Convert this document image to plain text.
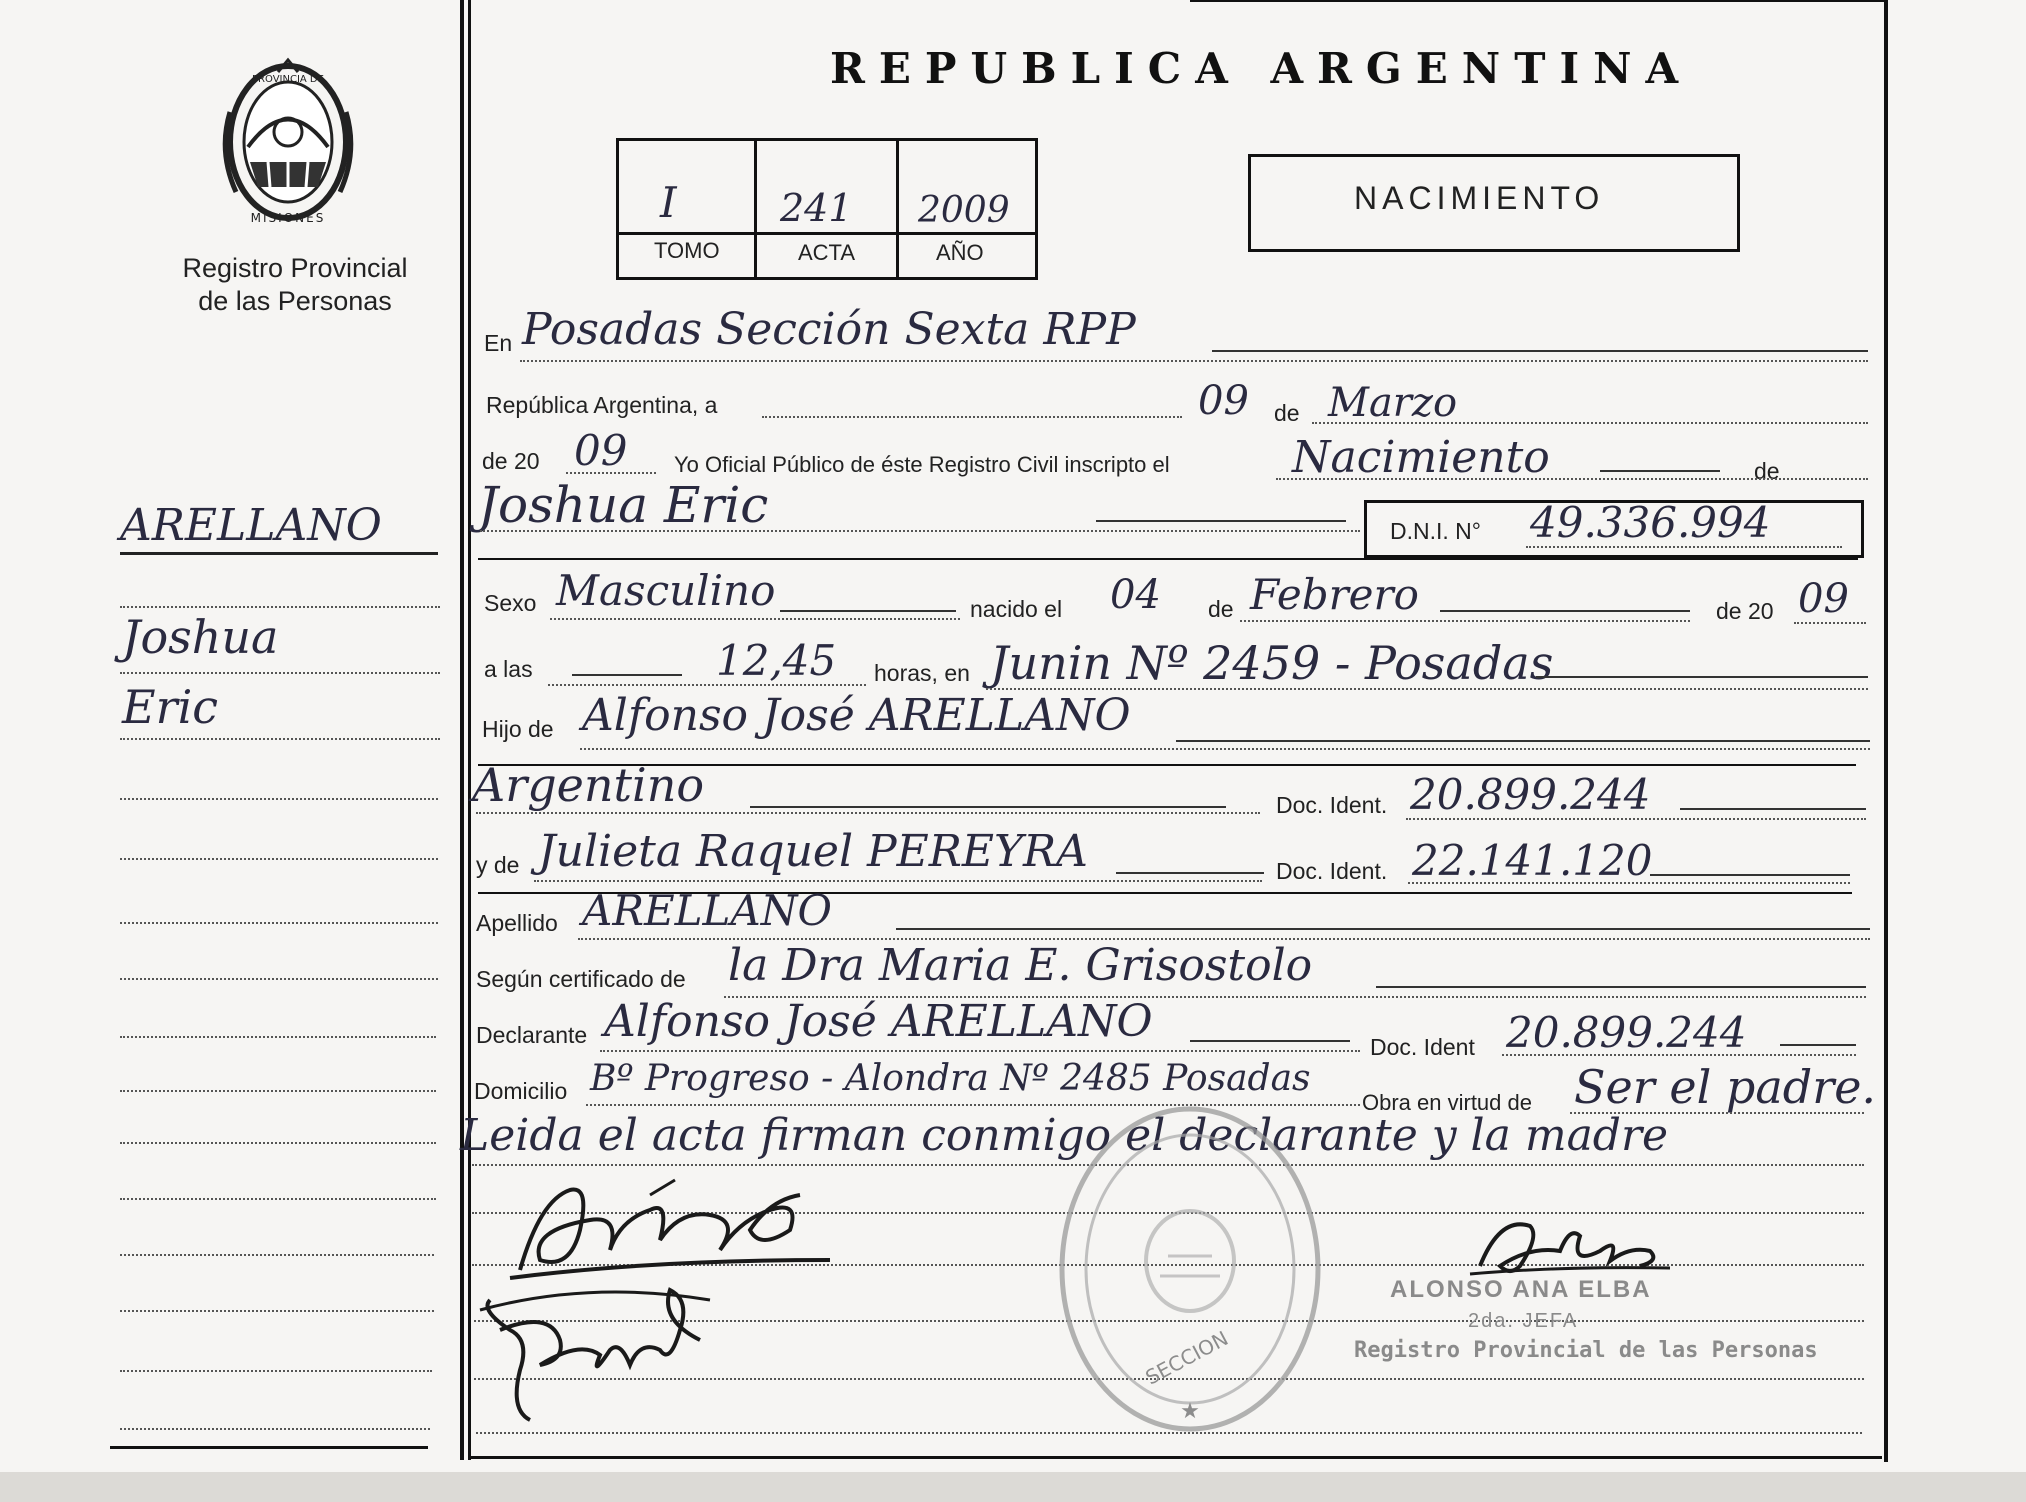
PROVINCIA DE
MISIONES
Registro Provincial
de las Personas
REPUBLICA ARGENTINA
I	241 2009
TOMO	ACTA	AÑO
NACIMIENTO
ARELLANO
Joshua
Eric
En Posadas Sección Sexta RPP
República Argentina, a	09 de Marzo
de 20 09 Yo Oficial Público de éste Registro Civil inscripto el	Nacimiento	de
Joshua Eric	D.N.I. N° 49.336.994
Sexo Masculino	nacido el 04 de Febrero	de 20 09
a las	12,45 horas, en Junin Nº 2459 - Posadas
Hijo de Alfonso José ARELLANO
Argentino	Doc. Ident. 20.899.244
y de Julieta Raquel PEREYRA	Doc. Ident. 22.141.120
Apellido ARELLANO
Según certificado de la Dra Maria E. Grisostolo
Declarante Alfonso José ARELLANO	Doc. Ident 20.899.244
Domicilio Bº Progreso - Alondra Nº 2485 Posadas
Obra en virtud de Ser el padre.
Leida el acta firman conmigo el declarante y la madre
SECCION
★
ALONSO ANA ELBA
2da. JEFA
Registro Provincial de las Personas
